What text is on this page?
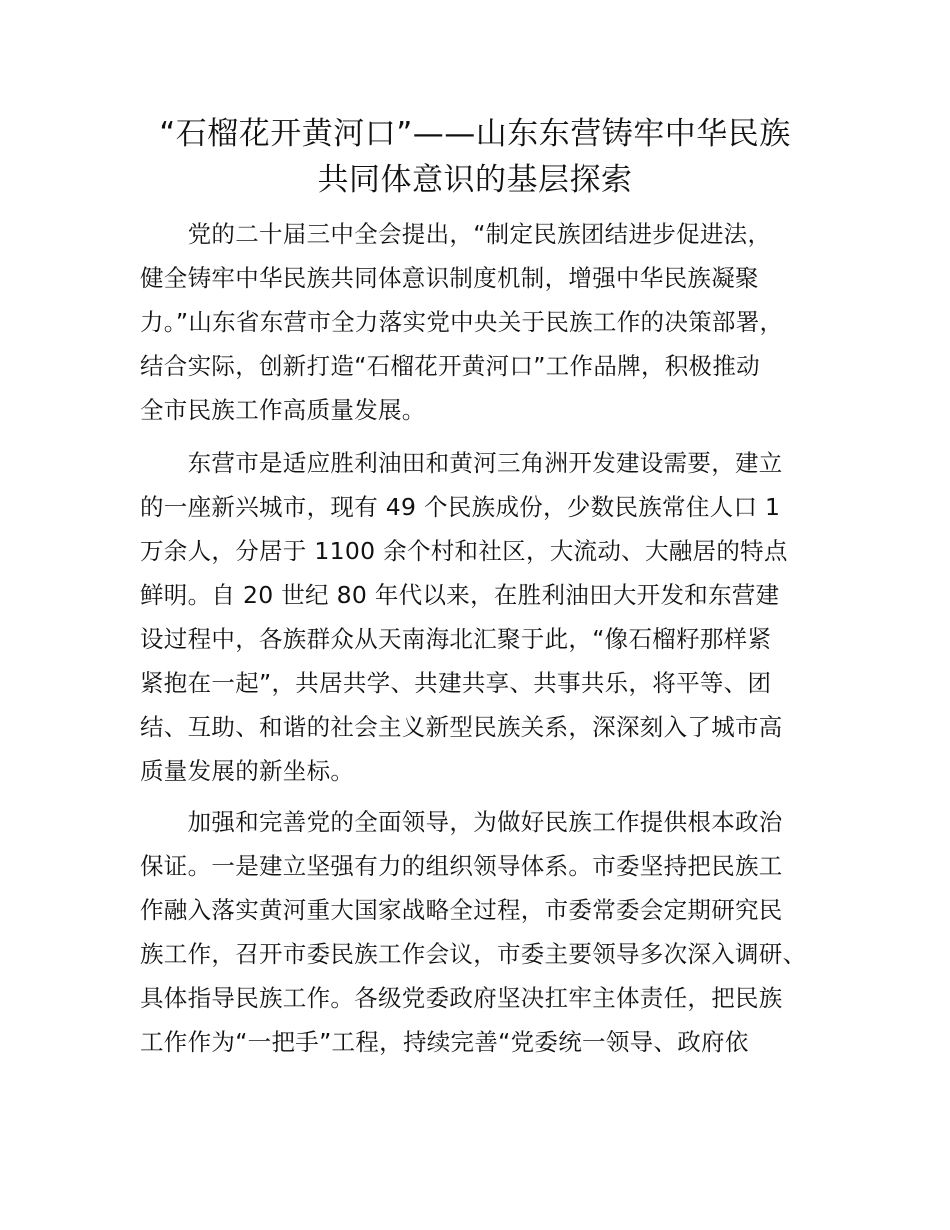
“石榴花开黄河口”——山东东营铸牢中华民族
共同体意识的基层探索
　　党的二十届三中全会提出，“制定民族团结进步促进法，
健全铸牢中华民族共同体意识制度机制，增强中华民族凝聚
力。”山东省东营市全力落实党中央关于民族工作的决策部署，
结合实际，创新打造“石榴花开黄河口”工作品牌，积极推动
全市民族工作高质量发展。
　　东营市是适应胜利油田和黄河三角洲开发建设需要，建立
的一座新兴城市，现有 49 个民族成份，少数民族常住人口 1
万余人，分居于 1100 余个村和社区，大流动、大融居的特点
鲜明。自 20 世纪 80 年代以来，在胜利油田大开发和东营建
设过程中，各族群众从天南海北汇聚于此，“像石榴籽那样紧
紧抱在一起”，共居共学、共建共享、共事共乐，将平等、团
结、互助、和谐的社会主义新型民族关系，深深刻入了城市高
质量发展的新坐标。
　　加强和完善党的全面领导，为做好民族工作提供根本政治
保证。一是建立坚强有力的组织领导体系。市委坚持把民族工
作融入落实黄河重大国家战略全过程，市委常委会定期研究民
族工作，召开市委民族工作会议，市委主要领导多次深入调研、
具体指导民族工作。各级党委政府坚决扛牢主体责任，把民族
工作作为“一把手”工程，持续完善“党委统一领导、政府依
